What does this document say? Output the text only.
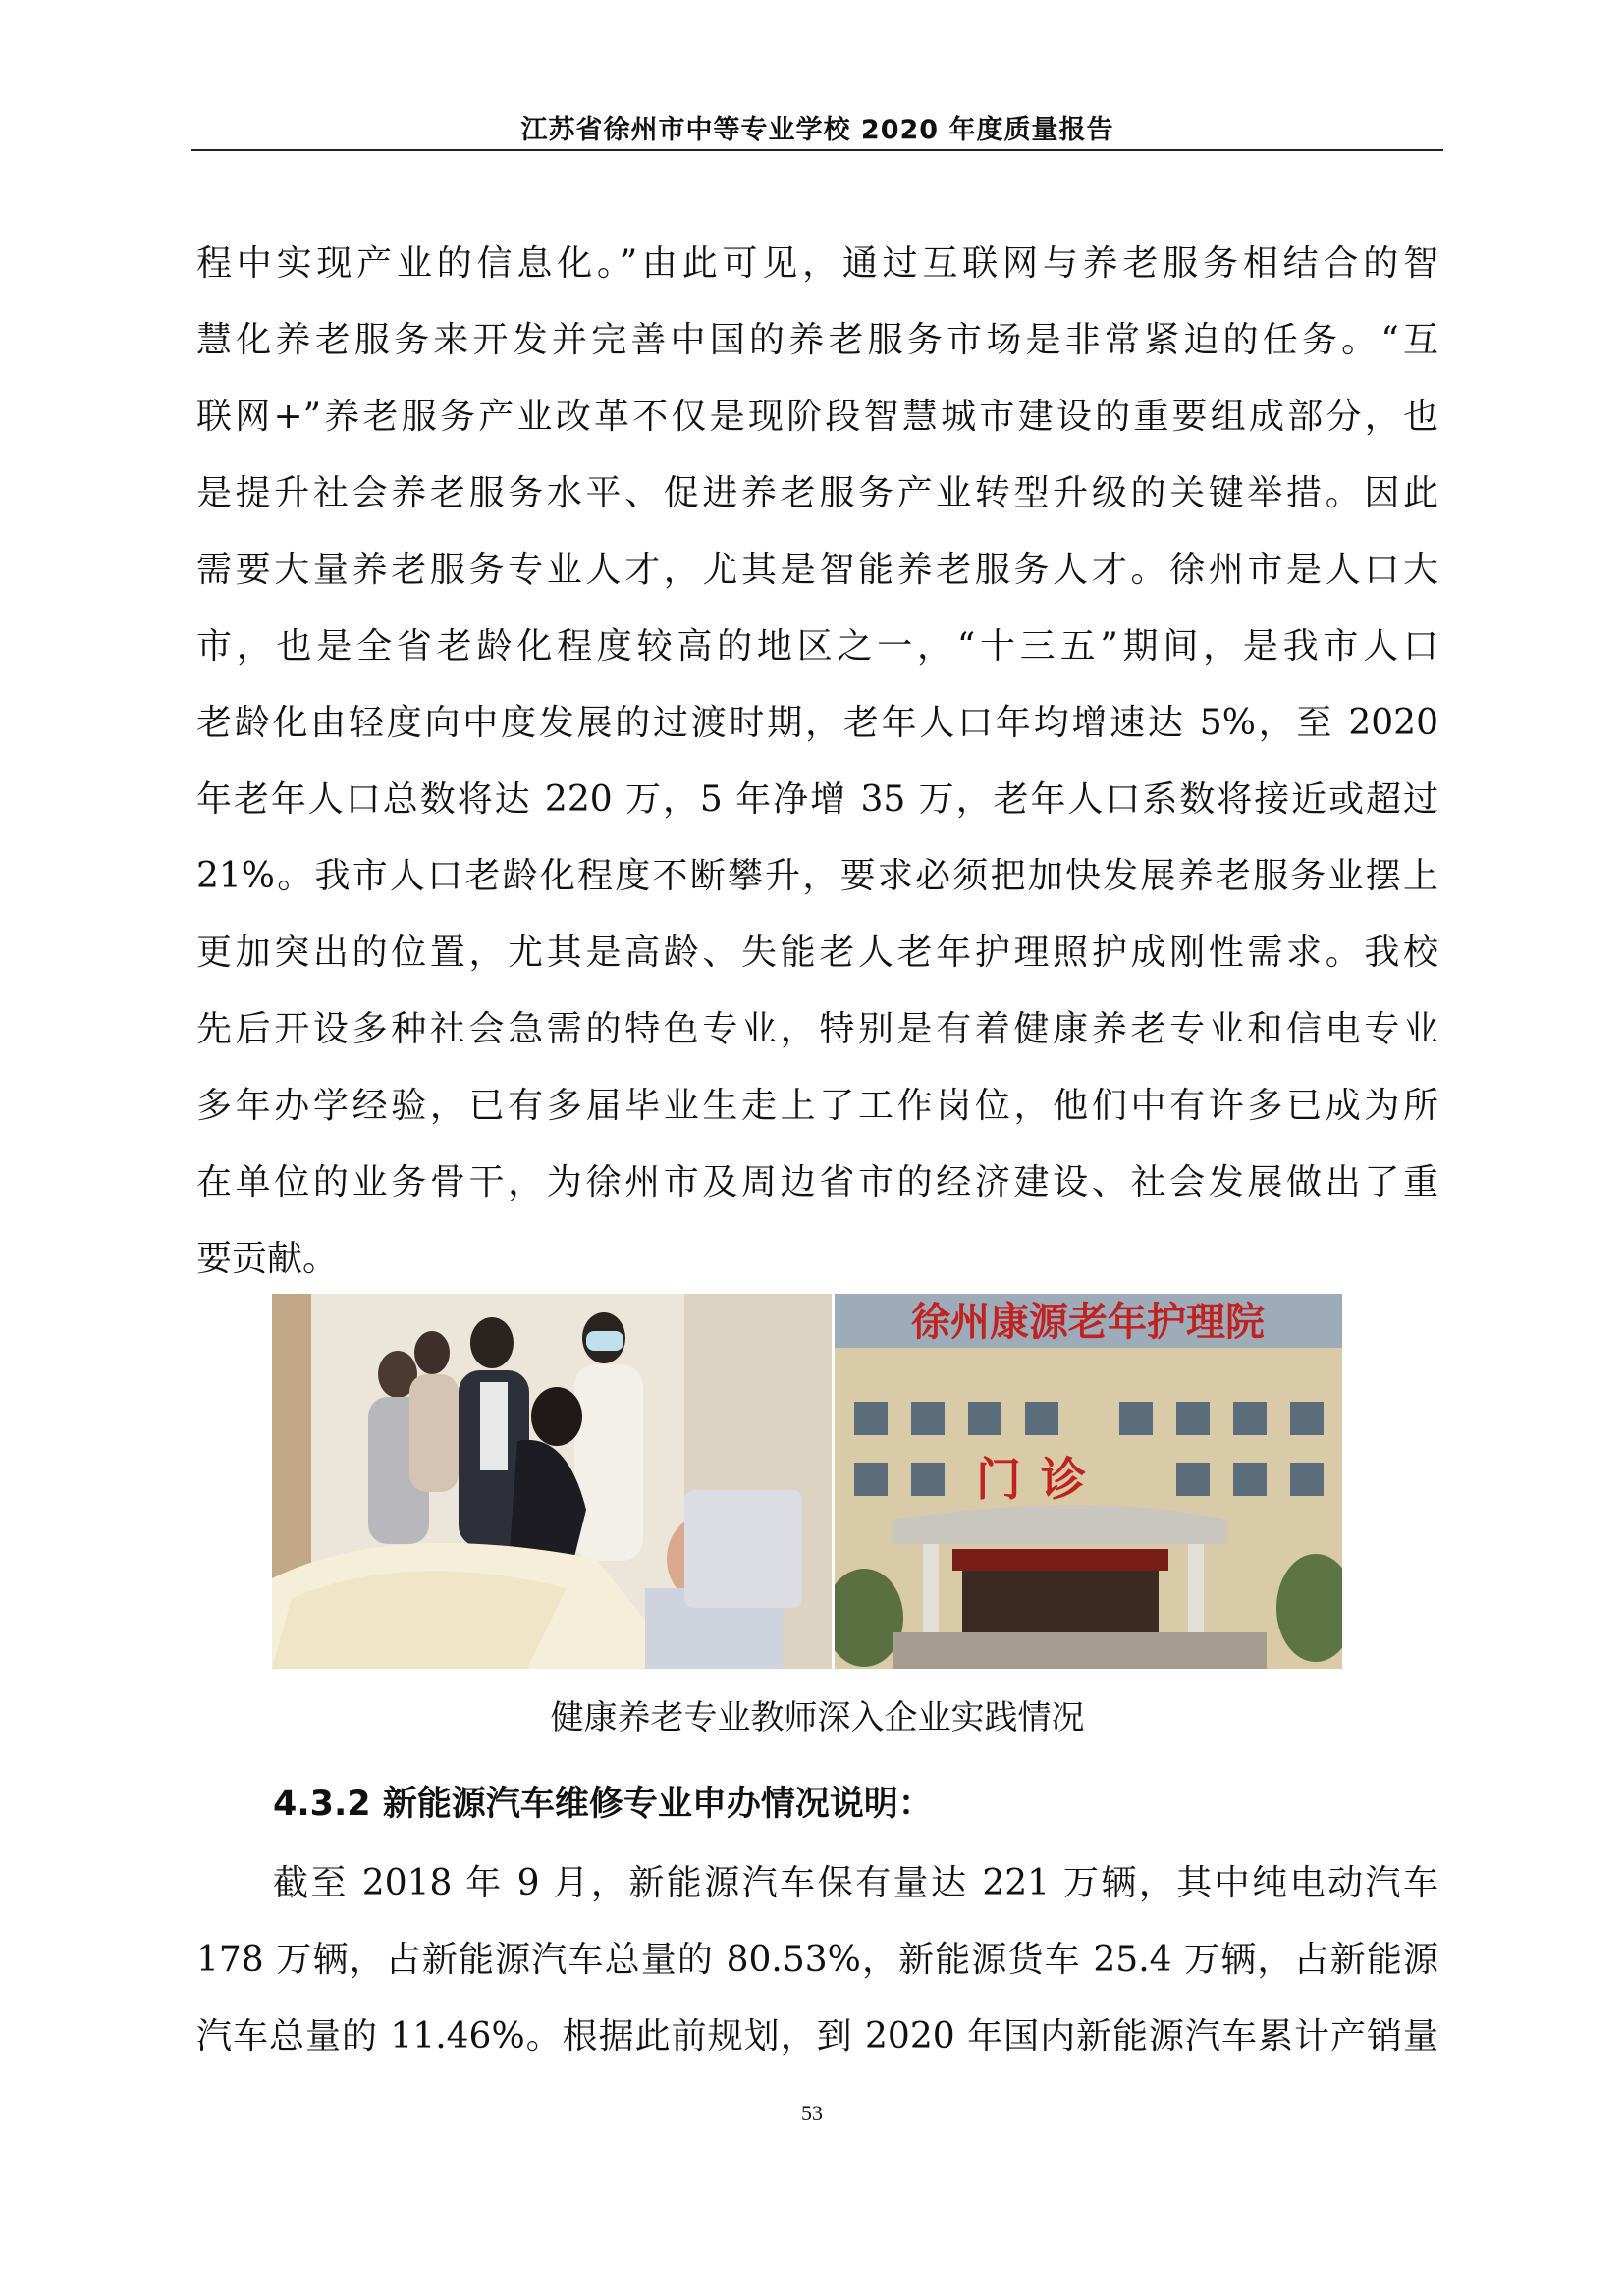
江苏省徐州市中等专业学校 2020 年度质量报告
程中实现产业的信息化。”由此可见，通过互联网与养老服务相结合的智
慧化养老服务来开发并完善中国的养老服务市场是非常紧迫的任务。“互
联网+”养老服务产业改革不仅是现阶段智慧城市建设的重要组成部分，也
是提升社会养老服务水平、促进养老服务产业转型升级的关键举措。因此
需要大量养老服务专业人才，尤其是智能养老服务人才。徐州市是人口大
市，也是全省老龄化程度较高的地区之一，“十三五”期间，是我市人口
老龄化由轻度向中度发展的过渡时期，老年人口年均增速达 5%，至 2020
年老年人口总数将达 220 万，5 年净增 35 万，老年人口系数将接近或超过
21%。我市人口老龄化程度不断攀升，要求必须把加快发展养老服务业摆上
更加突出的位置，尤其是高龄、失能老人老年护理照护成刚性需求。我校
先后开设多种社会急需的特色专业，特别是有着健康养老专业和信电专业
多年办学经验，已有多届毕业生走上了工作岗位，他们中有许多已成为所
在单位的业务骨干，为徐州市及周边省市的经济建设、社会发展做出了重
要贡献。
徐州康源老年护理院
门诊
健康养老专业教师深入企业实践情况
4.3.2 新能源汽车维修专业申办情况说明：
截至 2018 年 9 月，新能源汽车保有量达 221 万辆，其中纯电动汽车
178 万辆，占新能源汽车总量的 80.53%，新能源货车 25.4 万辆，占新能源
汽车总量的 11.46%。根据此前规划，到 2020 年国内新能源汽车累计产销量
53
